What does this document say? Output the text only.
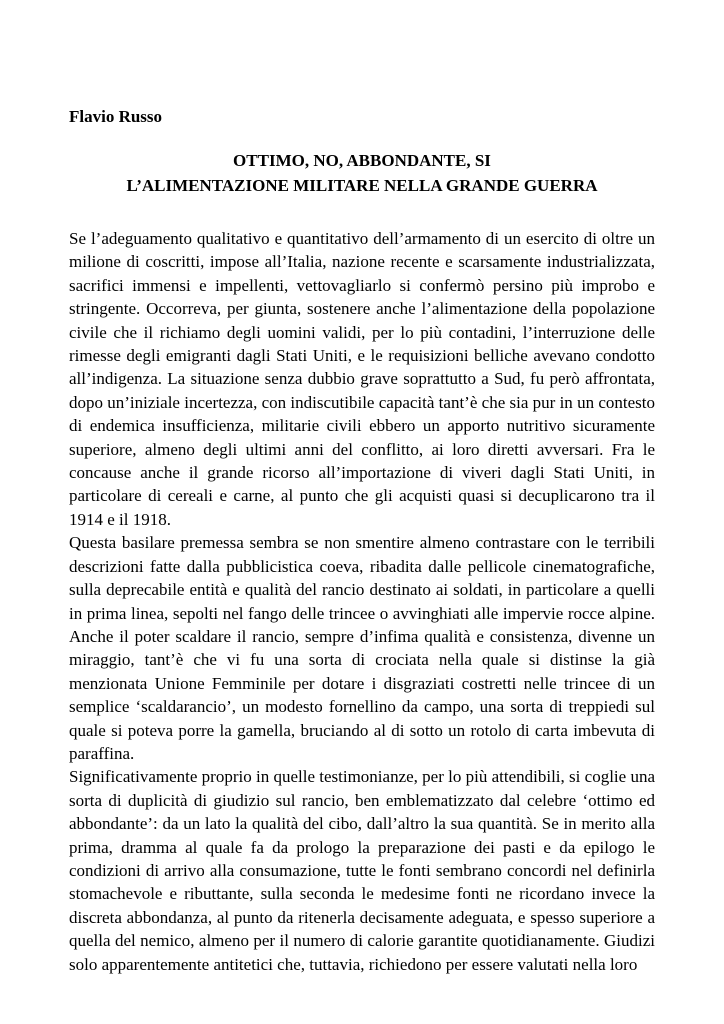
Flavio Russo

OTTIMO, NO, ABBONDANTE, SI
L’ALIMENTAZIONE MILITARE NELLA GRANDE GUERRA

Se l’adeguamento qualitativo e quantitativo dell’armamento di un esercito di oltre un milione di coscritti, impose all’Italia, nazione recente e scarsamente industrializzata, sacrifici immensi e impellenti, vettovagliarlo si confermò persino più improbo e stringente. Occorreva, per giunta, sostenere anche l’alimentazione della popolazione civile che il richiamo degli uomini validi, per lo più contadini, l’interruzione delle rimesse degli emigranti dagli Stati Uniti, e le requisizioni belliche avevano condotto all’indigenza. La situazione senza dubbio grave soprattutto a Sud, fu però affrontata, dopo un’iniziale incertezza, con indiscutibile capacità tant’è che sia pur in un contesto di endemica insufficienza, militarie civili ebbero un apporto nutritivo sicuramente superiore, almeno degli ultimi anni del conflitto, ai loro diretti avversari. Fra le concause anche il grande ricorso all’importazione di viveri dagli Stati Uniti, in particolare di cereali e carne, al punto che gli acquisti quasi si decuplicarono tra il 1914 e il 1918.

Questa basilare premessa sembra se non smentire almeno contrastare con le terribili descrizioni fatte dalla pubblicistica coeva, ribadita dalle pellicole cinematografiche, sulla deprecabile entità e qualità del rancio destinato ai soldati, in particolare a quelli in prima linea, sepolti nel fango delle trincee o avvinghiati alle impervie rocce alpine. Anche il poter scaldare il rancio, sempre d’infima qualità e consistenza, divenne un miraggio, tant’è che vi fu una sorta di crociata nella quale si distinse la già menzionata Unione Femminile per dotare i disgraziati costretti nelle trincee di un semplice ‘scaldarancio’, un modesto fornellino da campo, una sorta di treppiedi sul quale si poteva porre la gamella, bruciando al di sotto un rotolo di carta imbevuta di paraffina.

Significativamente proprio in quelle testimonianze, per lo più attendibili, si coglie una sorta di duplicità di giudizio sul rancio, ben emblematizzato dal celebre ‘ottimo ed abbondante’: da un lato la qualità del cibo, dall’altro la sua quantità. Se in merito alla prima, dramma al quale fa da prologo la preparazione dei pasti e da epilogo le condizioni di arrivo alla consumazione, tutte le fonti sembrano concordi nel definirla stomachevole e ributtante, sulla seconda le medesime fonti ne ricordano invece la discreta abbondanza, al punto da ritenerla decisamente adeguata, e spesso superiore a quella del nemico, almeno per il numero di calorie garantite quotidianamente. Giudizi solo apparentemente antitetici che, tuttavia, richiedono per essere valutati nella loro
